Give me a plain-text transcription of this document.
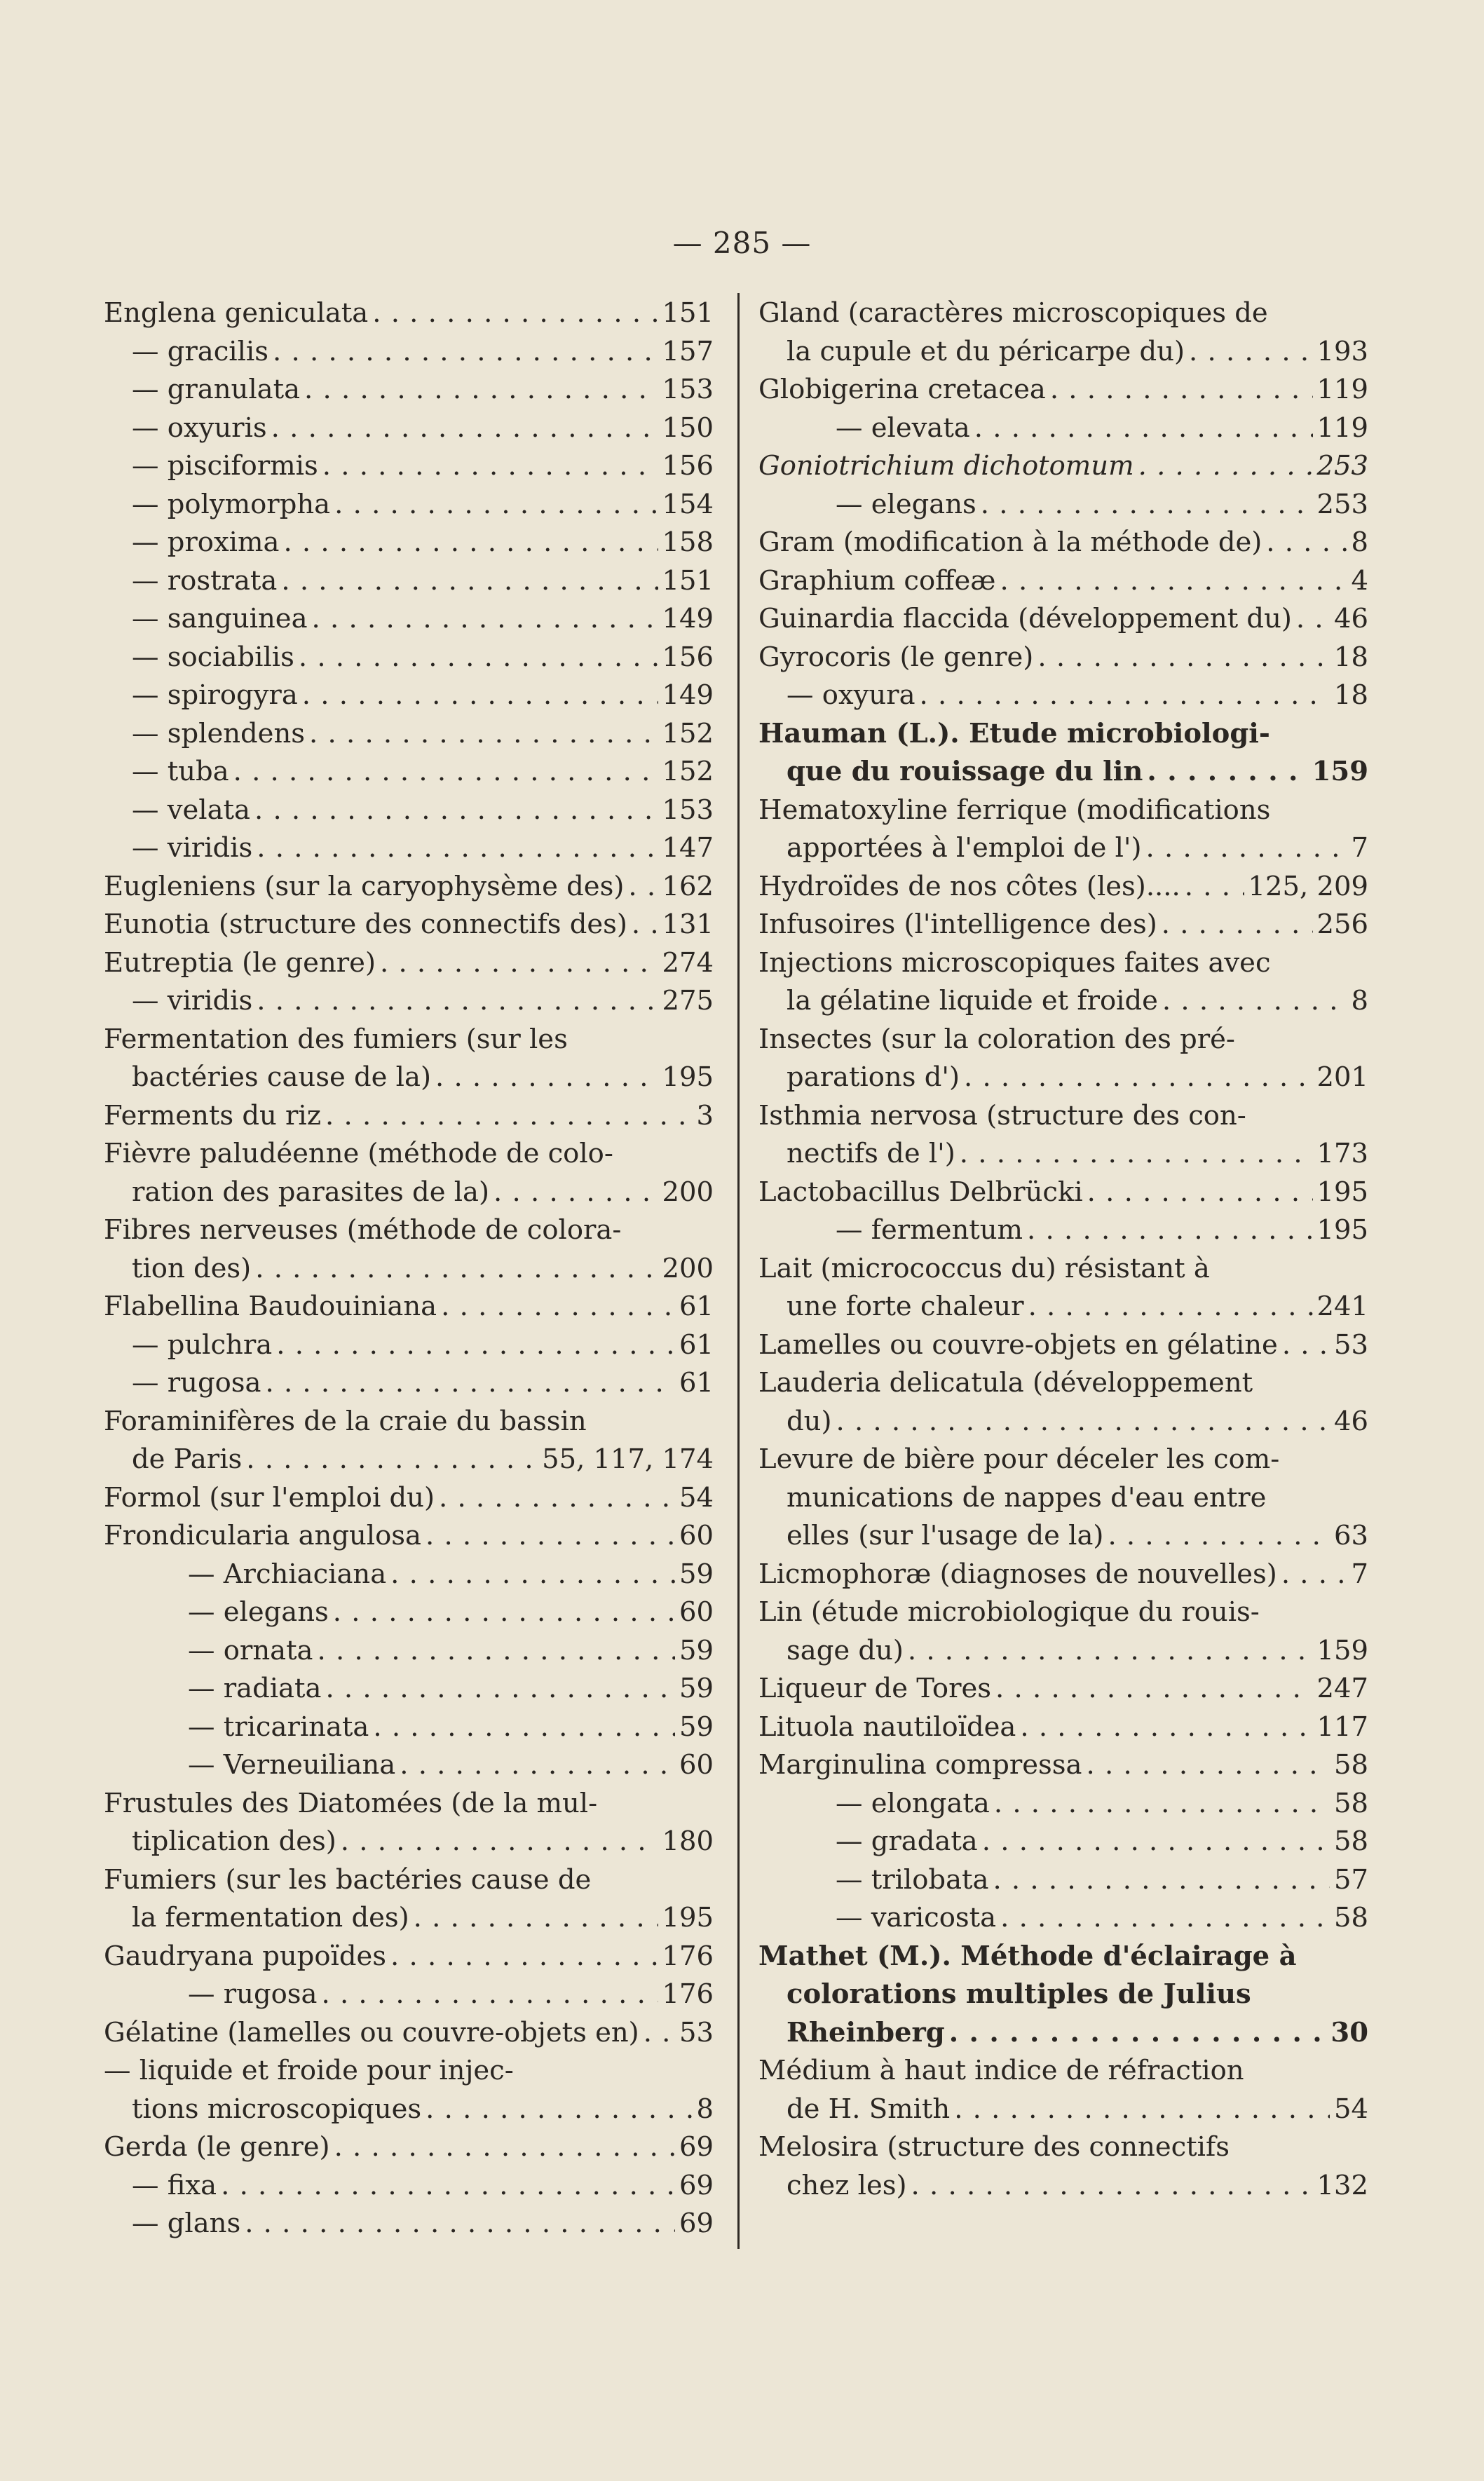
— 285 —
Englena geniculata . . .	151
— gracilis . . .	157
— granulata . . .	153
— oxyuris . . .	150
— pisciformis . . .	156
— polymorpha . . .	154
— proxima . . .	158
— rostrata . . .	151
— sanguinea . . .	149
— sociabilis . . .	156
— spirogyra . . .	149
— splendens . . .	152
— tuba . . .	152
— velata . . .	153
— viridis . . .	147
Eugleniens (sur la caryophysème des) . . . 162
Eunotia (structure des connectifs des) . . . 131
Eutreptia (le genre) . . .	274
— viridis . . .	275
Fermentation des fumiers (sur les
bactéries cause de la) . . .	195
Ferments du riz . . .	3
Fièvre paludéenne (méthode de colo-
ration des parasites de la) . . .	200
Fibres nerveuses (méthode de colora-
tion des) . . .	200
Flabellina Baudouiniana . . .	61
— pulchra . . .	61
— rugosa . . .	61
Foraminifères de la craie du bassin
de Paris . . .	55, 117, 174
Formol (sur l'emploi du) . . .	54
Frondicularia angulosa . . .	60
— Archiaciana . . .	59
— elegans . . .	60
— ornata . . .	59
— radiata . . .	59
— tricarinata . . .	59
— Verneuiliana . . .	60
Frustules des Diatomées (de la mul-
tiplication des) . . .	180
Fumiers (sur les bactéries cause de
la fermentation des) . . .	195
Gaudryana pupoïdes . . .	176
— rugosa . . .	176
Gélatine (lamelles ou couvre-objets en) . . . 53
— liquide et froide pour injec-
tions microscopiques . . .	8
Gerda (le genre) . . .	69
— fixa . . .	69
— glans . . .	69
Gland (caractères microscopiques de
la cupule et du péricarpe du) . . .	193
Globigerina cretacea . . .	119
— elevata . . .	119
Goniotrichium dichotomum . . .	253
— elegans . . .	253
Gram (modification à la méthode de) . . .	8
Graphium coffeæ . . .	4
Guinardia flaccida (développement du) . . . 46
Gyrocoris (le genre) . . .	18
— oxyura . . .	18
Hauman (L.). Etude microbiologi-
que du rouissage du lin . . .	159
Hematoxyline ferrique (modifications
apportées à l'emploi de l') . . .	7
Hydroïdes de nos côtes (les).... . . .	125, 209
Infusoires (l'intelligence des) . . .	256
Injections microscopiques faites avec
la gélatine liquide et froide . . .	8
Insectes (sur la coloration des pré-
parations d') . . .	201
Isthmia nervosa (structure des con-
nectifs de l') . . .	173
Lactobacillus Delbrücki . . .	195
— fermentum . . .	195
Lait (micrococcus du) résistant à
une forte chaleur . . .	241
Lamelles ou couvre-objets en gélatine . . . 53
Lauderia delicatula (développement
du) . . .	46
Levure de bière pour déceler les com-
munications de nappes d'eau entre
elles (sur l'usage de la) . . .	63
Licmophoræ (diagnoses de nouvelles) . . .	7
Lin (étude microbiologique du rouis-
sage du) . . .	159
Liqueur de Tores . . .	247
Lituola nautiloïdea . . .	117
Marginulina compressa . . .	58
— elongata . . .	58
— gradata . . .	58
— trilobata . . .	57
— varicosta . . .	58
Mathet (M.). Méthode d'éclairage à
colorations multiples de Julius
Rheinberg . . .	30
Médium à haut indice de réfraction
de H. Smith . . .	54
Melosira (structure des connectifs
chez les) . . .	132
